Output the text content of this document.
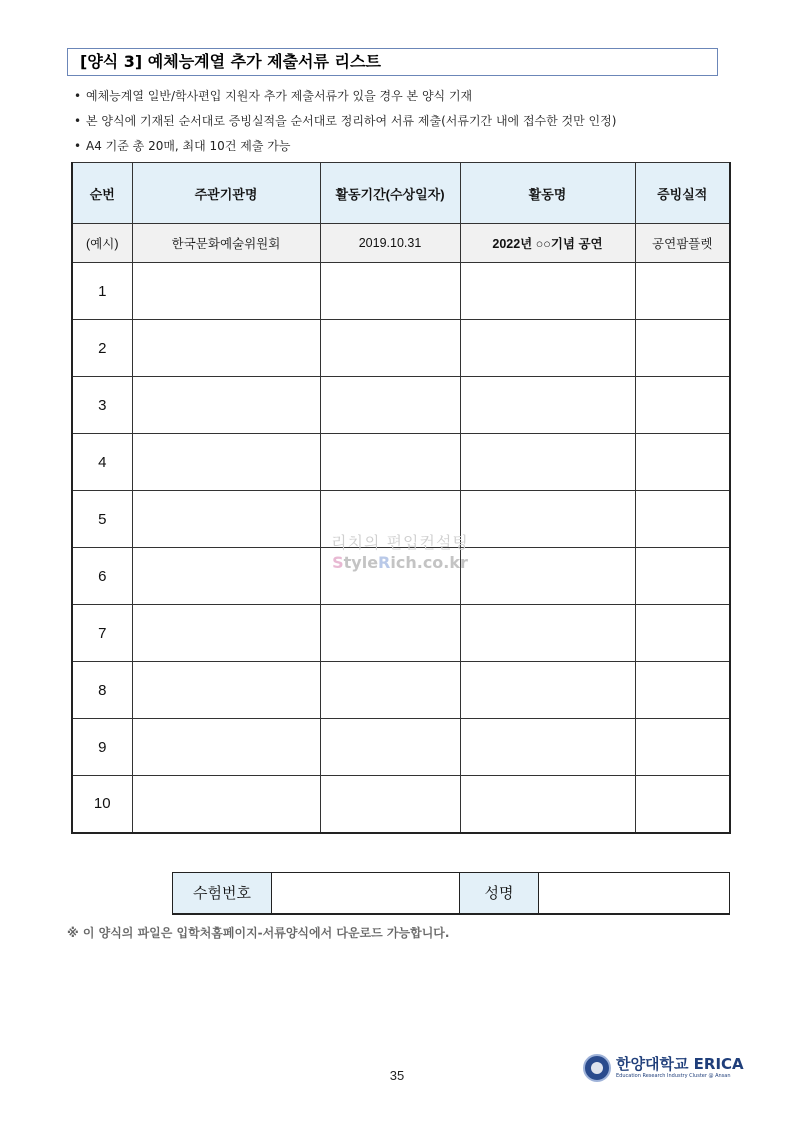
[양식 3] 예체능계열 추가 제출서류 리스트
• 예체능계열 일반/학사편입 지원자 추가 제출서류가 있을 경우 본 양식 기재
• 본 양식에 기재된 순서대로 증빙실적을 순서대로 정리하여 서류 제출(서류기간 내에 접수한 것만 인정)
• A4 기준 총 20매, 최대 10건 제출 가능
순번	주관기관명	활동기간(수상일자)	활동명	증빙실적
(예시)	한국문화예술위원회	2019.10.31	2022년 ○○기념 공연	공연팜플렛
1				
2				
3				
4				
5				
6				
7				
8				
9				
10				
리치의 편입컨설팅
StyleRich.co.kr
수험번호		성명	
※ 이 양식의 파일은 입학처홈페이지-서류양식에서 다운로드 가능합니다.
35
한양대학교 ERICA
Education Research Industry Cluster @ Ansan
